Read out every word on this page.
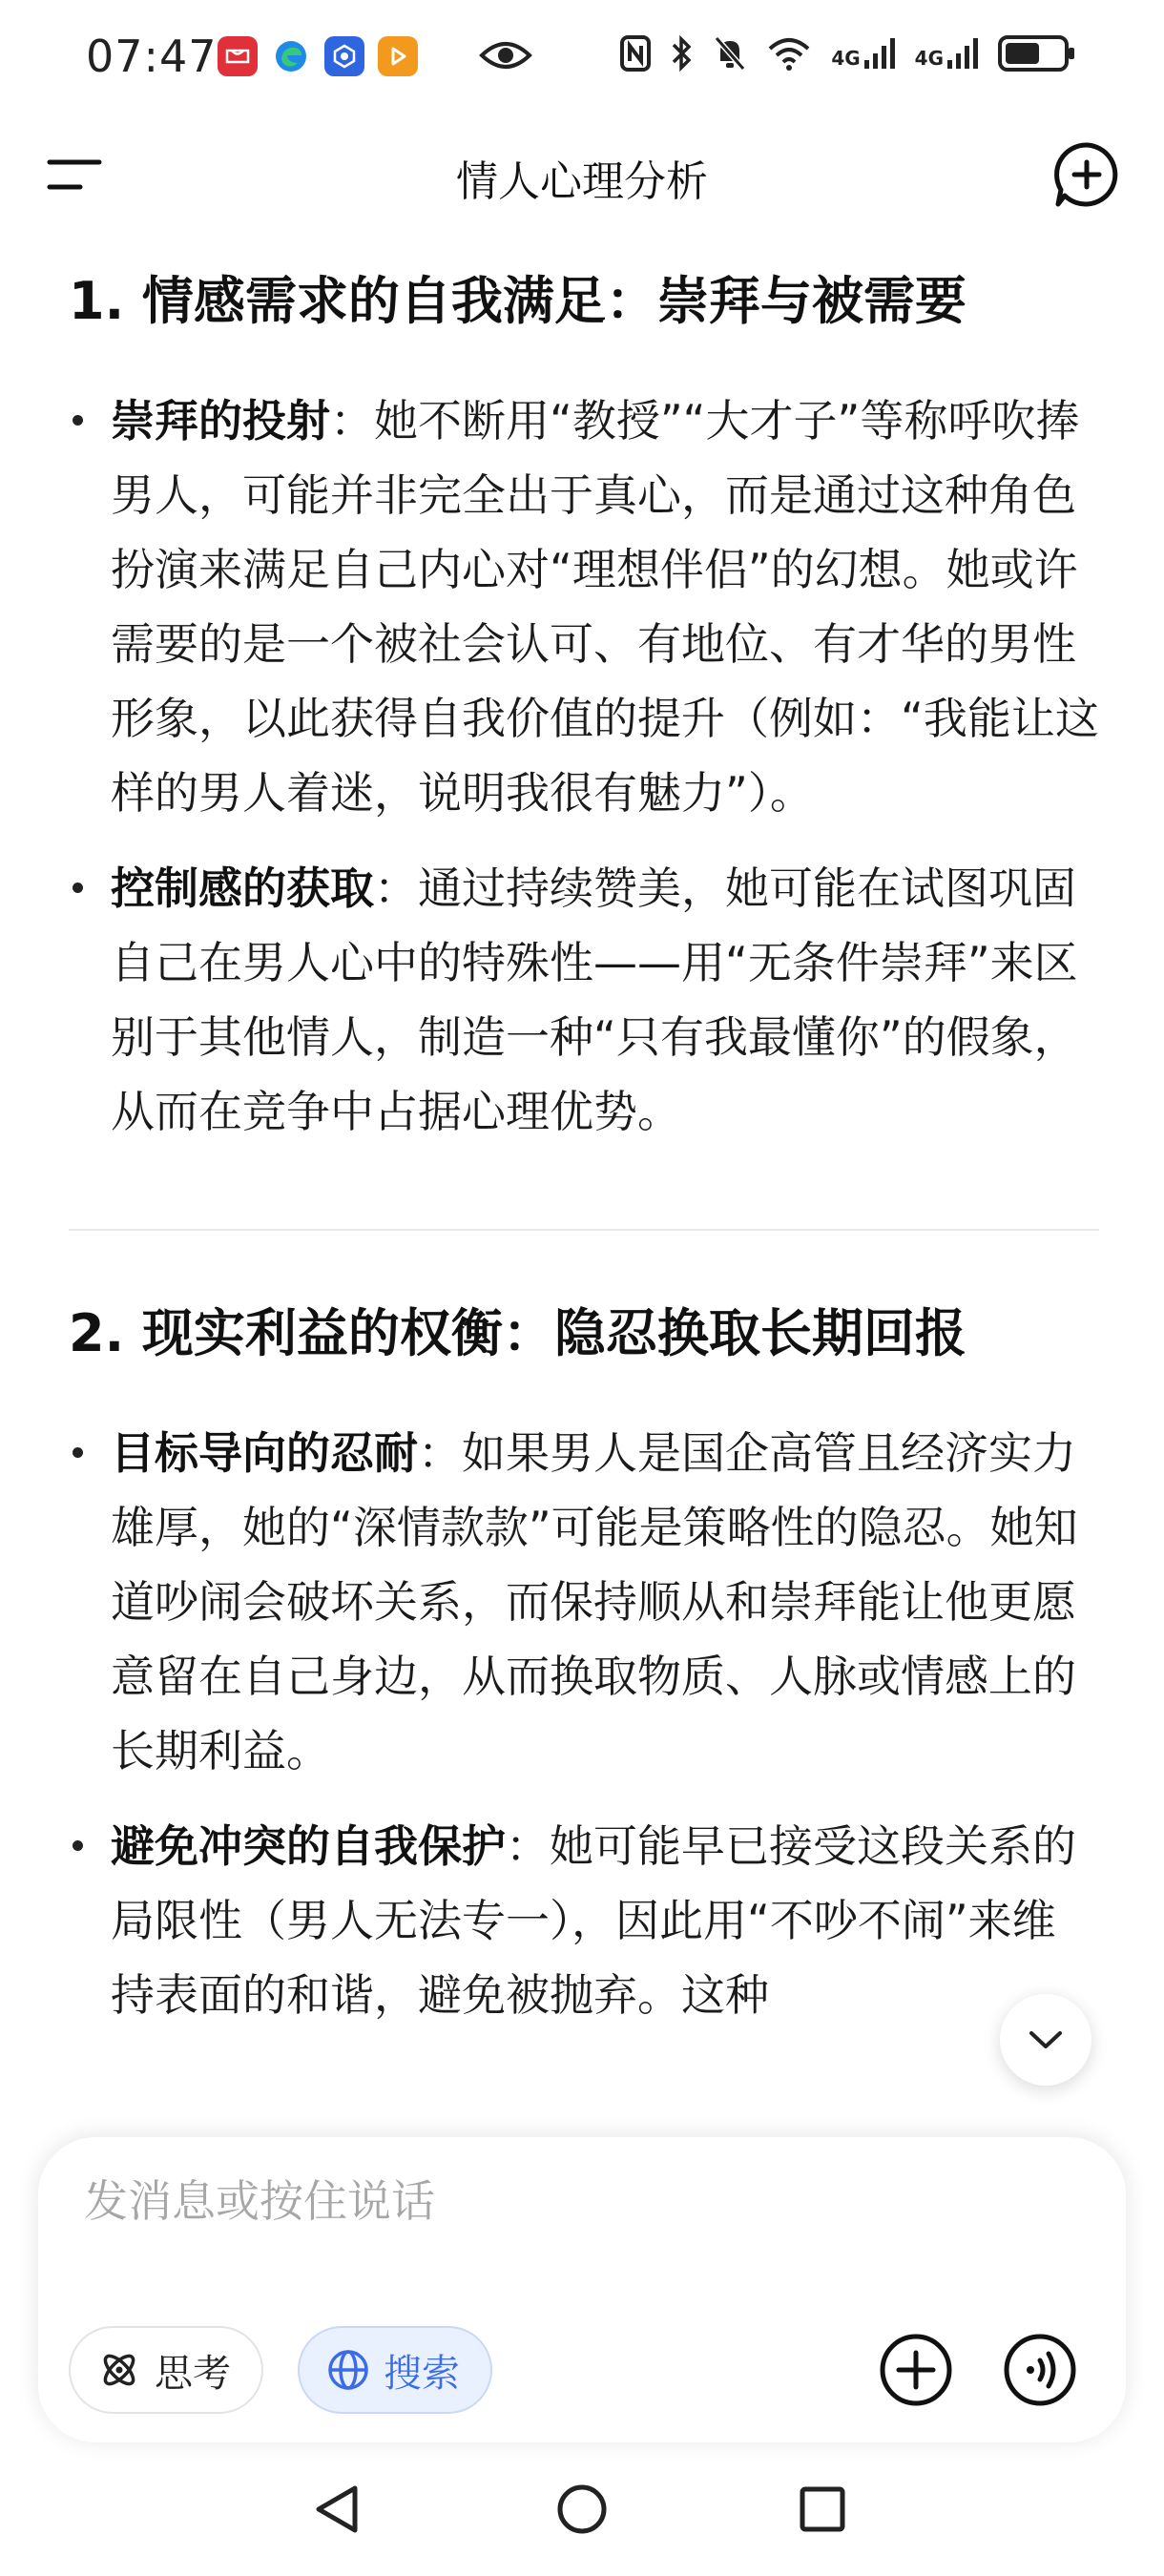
07:47	4G	4G
情人心理分析
1. 情感需求的自我满足：崇拜与被需要
崇拜的投射：她不断用“教授”“大才子”等称呼吹捧男人，可能并非完全出于真心，而是通过这种角色扮演来满足自己内心对“理想伴侣”的幻想。她或许需要的是一个被社会认可、有地位、有才华的男性形象，以此获得自我价值的提升（例如：“我能让这样的男人着迷，说明我很有魅力”）。
控制感的获取：通过持续赞美，她可能在试图巩固自己在男人心中的特殊性——用“无条件崇拜”来区别于其他情人，制造一种“只有我最懂你”的假象，从而在竞争中占据心理优势。
2. 现实利益的权衡：隐忍换取长期回报
目标导向的忍耐：如果男人是国企高管且经济实力雄厚，她的“深情款款”可能是策略性的隐忍。她知道吵闹会破坏关系，而保持顺从和崇拜能让他更愿意留在自己身边，从而换取物质、人脉或情感上的长期利益。
避免冲突的自我保护：她可能早已接受这段关系的局限性（男人无法专一），因此用“不吵不闹”来维持表面的和谐，避免被抛弃。这种
发消息或按住说话
思考	搜索
